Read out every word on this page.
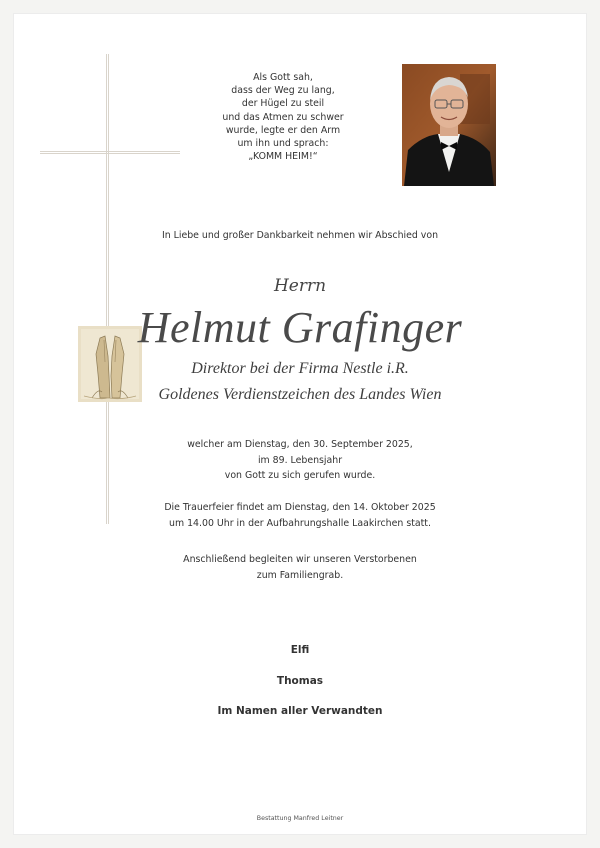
Als Gott sah,
dass der Weg zu lang,
der Hügel zu steil
und das Atmen zu schwer
wurde, legte er den Arm
um ihn und sprach:
„KOMM HEIM!“
In Liebe und großer Dankbarkeit nehmen wir Abschied von
Herrn
Helmut Grafinger
Direktor bei der Firma Nestle i.R.
Goldenes Verdienstzeichen des Landes Wien
welcher am Dienstag, den 30. September 2025,
im 89. Lebensjahr
von Gott zu sich gerufen wurde.
Die Trauerfeier findet am Dienstag, den 14. Oktober 2025
um 14.00 Uhr in der Aufbahrungshalle Laakirchen statt.
Anschließend begleiten wir unseren Verstorbenen
zum Familiengrab.
Elfi
Thomas
Im Namen aller Verwandten
Bestattung Manfred Leitner
